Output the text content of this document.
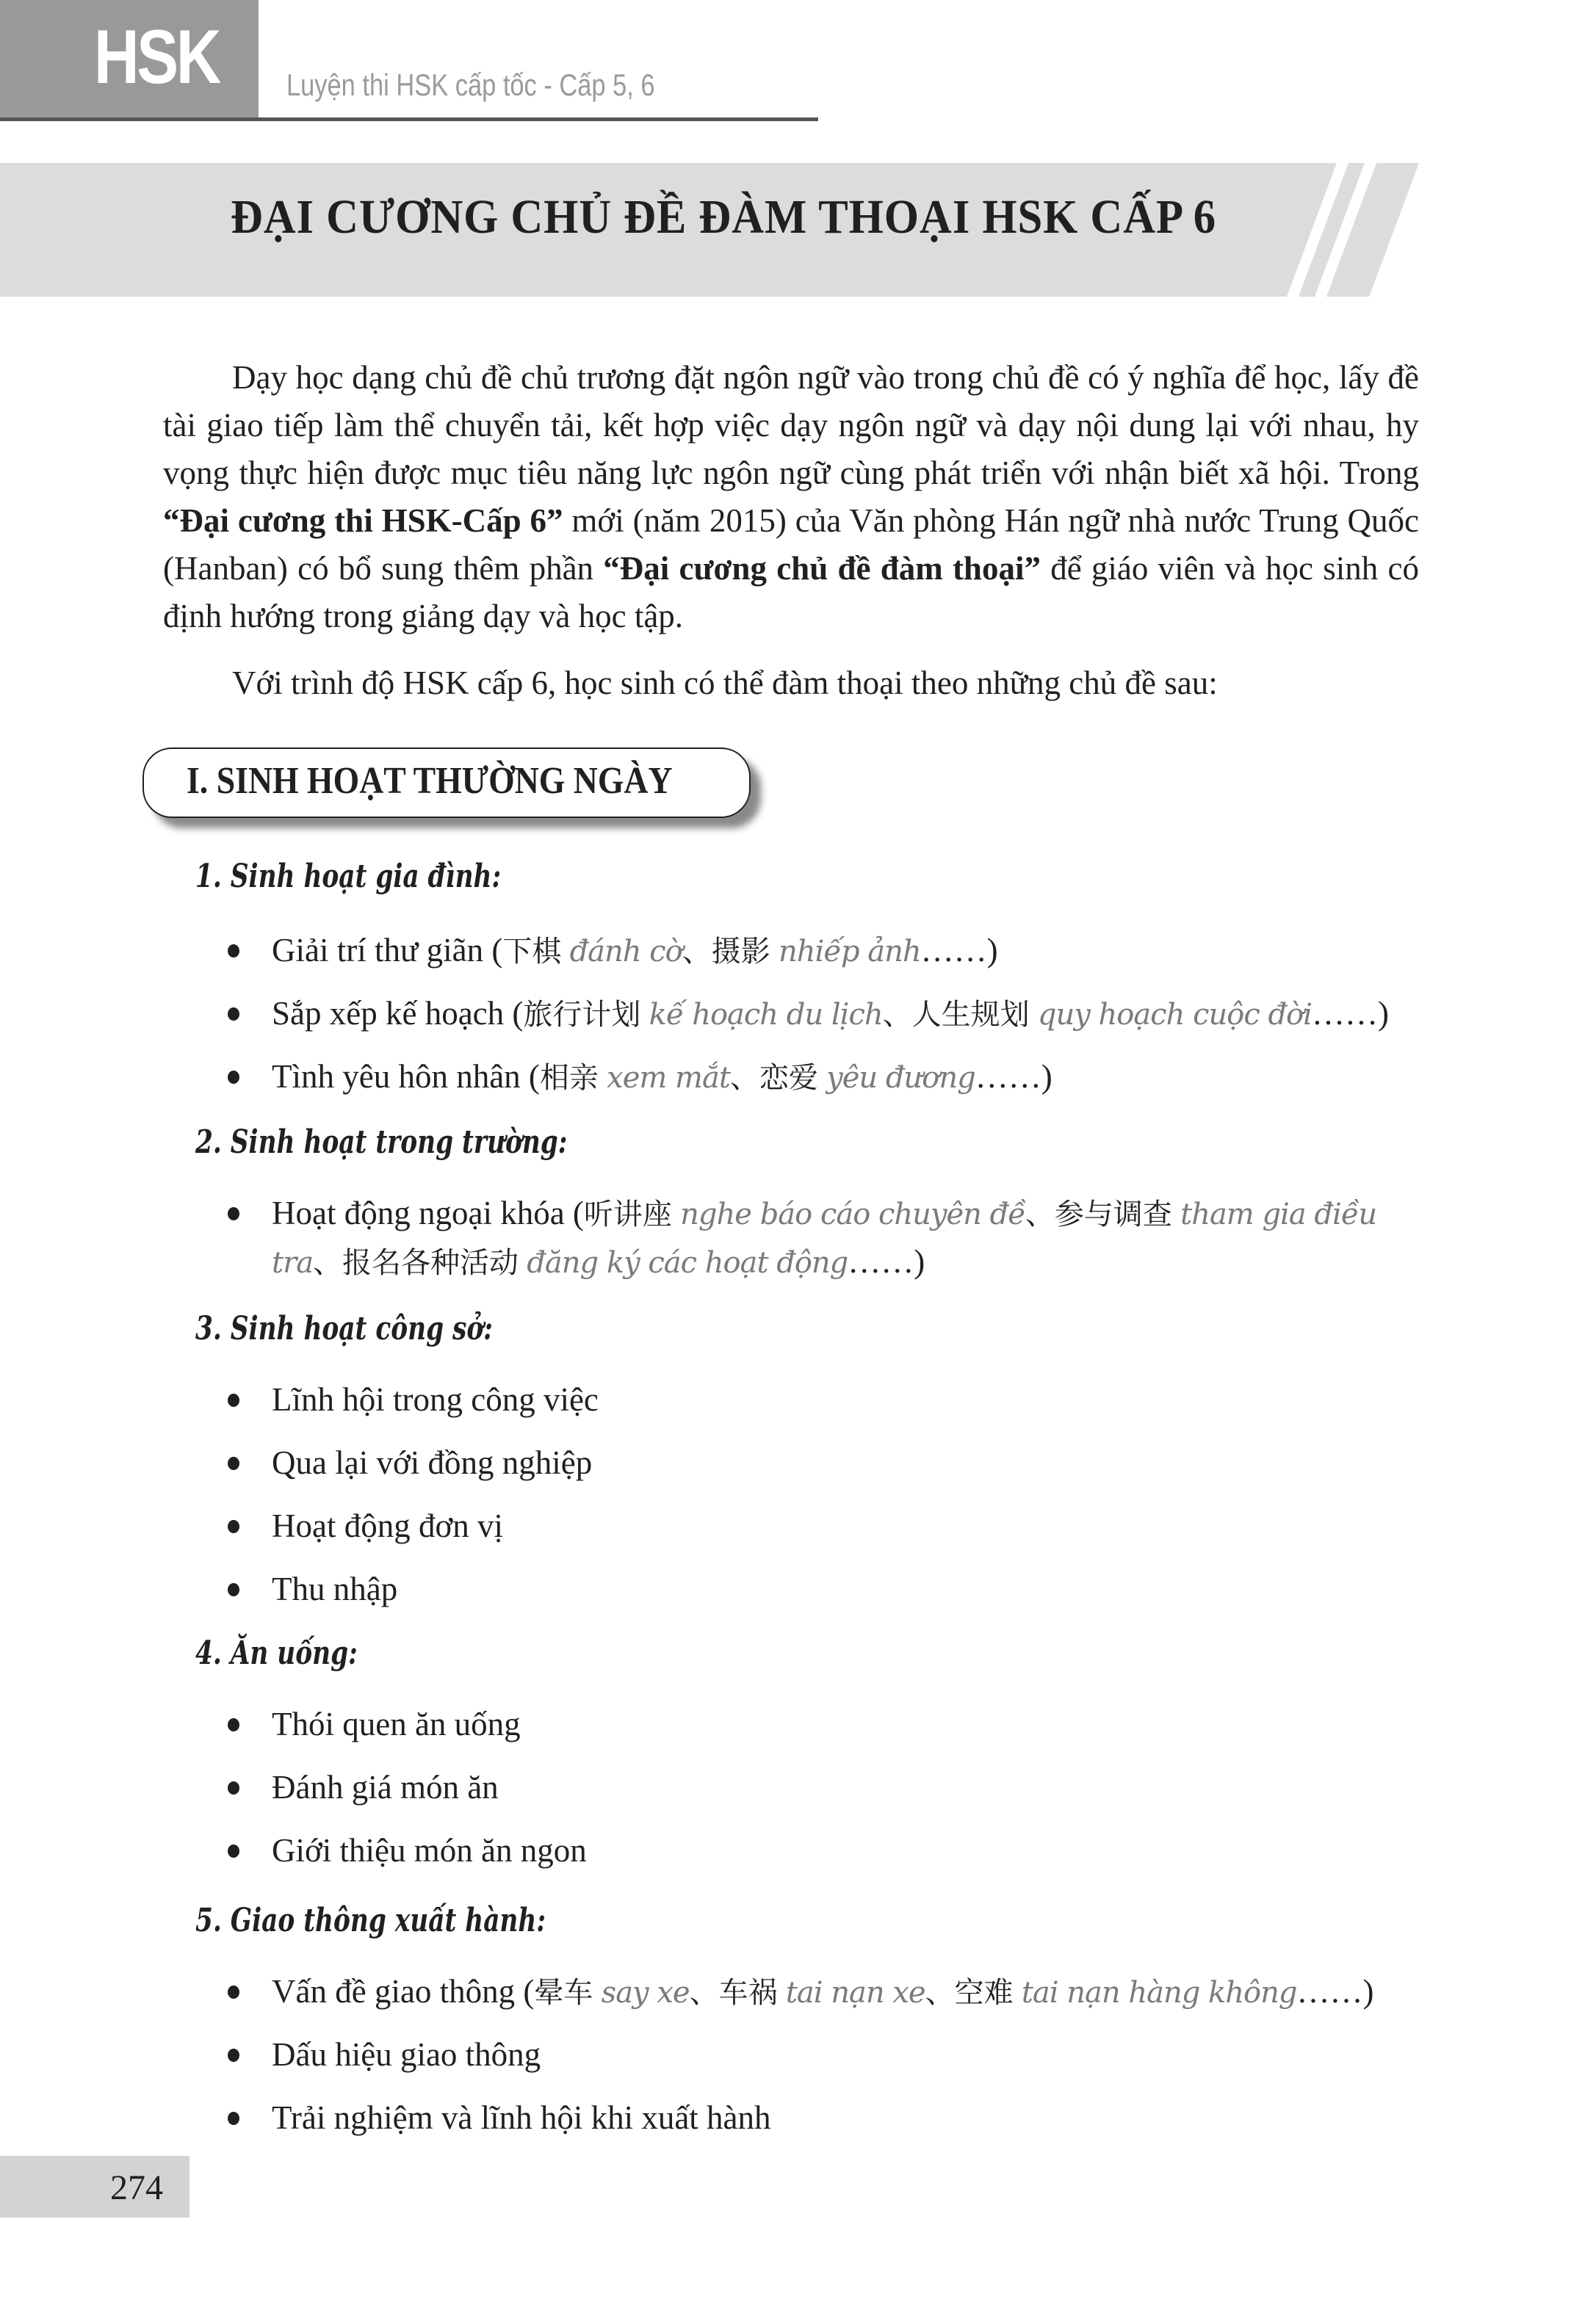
HSK Luyện thi HSK cấp tốc - Cấp 5, 6
ĐẠI CƯƠNG CHỦ ĐỀ ĐÀM THOẠI HSK CẤP 6
Dạy học dạng chủ đề chủ trương đặt ngôn ngữ vào trong chủ đề có ý nghĩa để học, lấy đề tài giao tiếp làm thể chuyển tải, kết hợp việc dạy ngôn ngữ và dạy nội dung lại với nhau, hy vọng thực hiện được mục tiêu năng lực ngôn ngữ cùng phát triển với nhận biết xã hội. Trong “Đại cương thi HSK-Cấp 6” mới (năm 2015) của Văn phòng Hán ngữ nhà nước Trung Quốc (Hanban) có bổ sung thêm phần “Đại cương chủ đề đàm thoại” để giáo viên và học sinh có định hướng trong giảng dạy và học tập.
Với trình độ HSK cấp 6, học sinh có thể đàm thoại theo những chủ đề sau:
I. SINH HOẠT THƯỜNG NGÀY
1. Sinh hoạt gia đình:
Giải trí thư giãn (下棋 đánh cờ、摄影 nhiếp ảnh……)
Sắp xếp kế hoạch (旅行计划 kế hoạch du lịch、人生规划 quy hoạch cuộc đời……)
Tình yêu hôn nhân (相亲 xem mắt、恋爱 yêu đương……)
2. Sinh hoạt trong trường:
Hoạt động ngoại khóa (听讲座 nghe báo cáo chuyên đề、参与调查 tham gia điều tra、报名各种活动 đăng ký các hoạt động……)
3. Sinh hoạt công sở:
Lĩnh hội trong công việc
Qua lại với đồng nghiệp
Hoạt động đơn vị
Thu nhập
4. Ăn uống:
Thói quen ăn uống
Đánh giá món ăn
Giới thiệu món ăn ngon
5. Giao thông xuất hành:
Vấn đề giao thông (晕车 say xe、车祸 tai nạn xe、空难 tai nạn hàng không……)
Dấu hiệu giao thông
Trải nghiệm và lĩnh hội khi xuất hành
274
